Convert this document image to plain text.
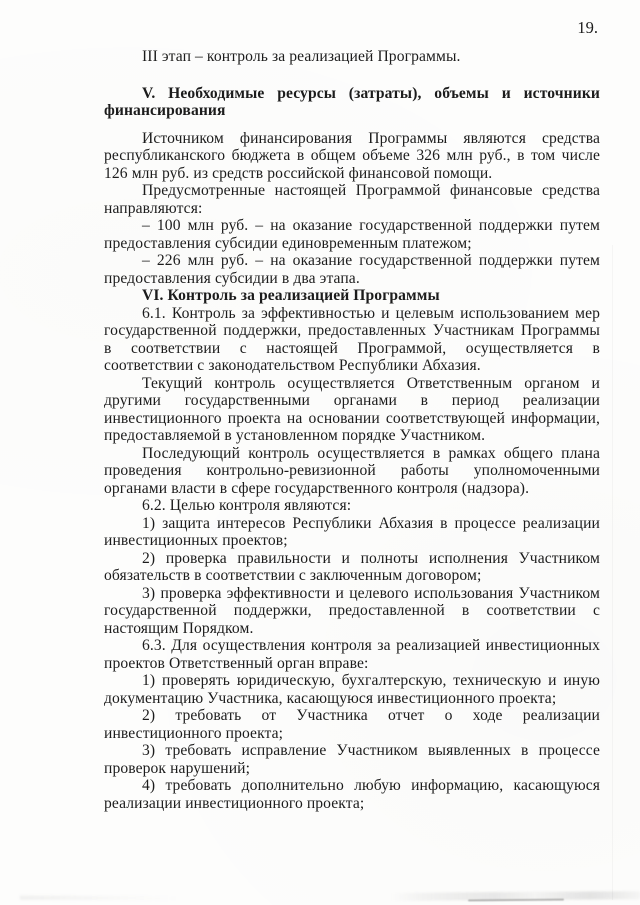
19.

III этап – контроль за реализацией Программы.

V. Необходимые ресурсы (затраты), объемы и источники
финансирования

Источником финансирования Программы являются средства республиканского бюджета в общем объеме 326 млн руб., в том числе 126 млн руб. из средств российской финансовой помощи.

Предусмотренные настоящей Программой финансовые средства направляются:

– 100 млн руб. – на оказание государственной поддержки путем предоставления субсидии единовременным платежом;

– 226 млн руб. – на оказание государственной поддержки путем предоставления субсидии в два этапа.

VI. Контроль за реализацией Программы

6.1. Контроль за эффективностью и целевым использованием мер государственной поддержки, предоставленных Участникам Программы в соответствии с настоящей Программой, осуществляется в соответствии с законодательством Республики Абхазия.

Текущий контроль осуществляется Ответственным органом и другими государственными органами в период реализации инвестиционного проекта на основании соответствующей информации, предоставляемой в установленном порядке Участником.

Последующий контроль осуществляется в рамках общего плана проведения контрольно-ревизионной работы уполномоченными органами власти в сфере государственного контроля (надзора).

6.2. Целью контроля являются:

1) защита интересов Республики Абхазия в процессе реализации инвестиционных проектов;

2) проверка правильности и полноты исполнения Участником обязательств в соответствии с заключенным договором;

3) проверка эффективности и целевого использования Участником государственной поддержки, предоставленной в соответствии с настоящим Порядком.

6.3. Для осуществления контроля за реализацией инвестиционных проектов Ответственный орган вправе:

1) проверять юридическую, бухгалтерскую, техническую и иную документацию Участника, касающуюся инвестиционного проекта;

2) требовать от Участника отчет о ходе реализации инвестиционного проекта;

3) требовать исправление Участником выявленных в процессе проверок нарушений;

4) требовать дополнительно любую информацию, касающуюся реализации инвестиционного проекта;
